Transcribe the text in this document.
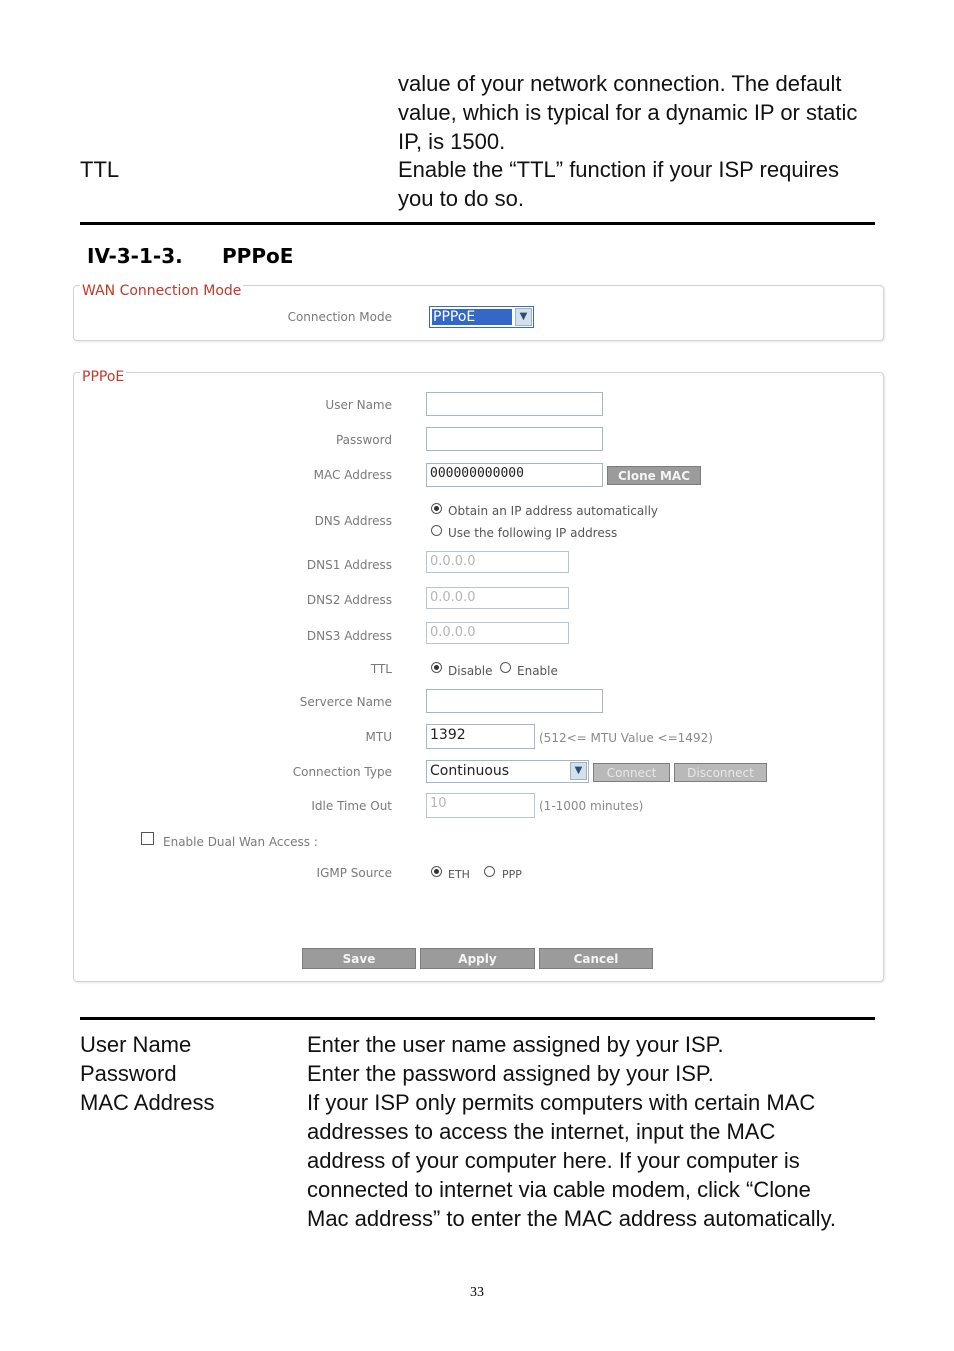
value of your network connection. The default
value, which is typical for a dynamic IP or static
IP, is 1500.
TTL	Enable the “TTL” function if your ISP requires
you to do so.
IV-3-1-3. PPPoE
WAN Connection Mode
Connection Mode	PPPoE	▼
PPPoE
User Name
Password
MAC Address	000000000000	Clone MAC
DNS Address
Obtain an IP address automatically
Use the following IP address
DNS1 Address	0.0.0.0
DNS2 Address	0.0.0.0
DNS3 Address	0.0.0.0
TTL	Disable Enable
Serverce Name
MTU	1392	(512<= MTU Value <=1492)
Connection Type	Continuous	▼	Connect	Disconnect
Idle Time Out	10	(1-1000 minutes)
Enable Dual Wan Access :
IGMP Source	ETH	PPP
Save	Apply	Cancel
User Name	Enter the user name assigned by your ISP.
Password	Enter the password assigned by your ISP.
MAC Address	If your ISP only permits computers with certain MAC
addresses to access the internet, input the MAC
address of your computer here. If your computer is
connected to internet via cable modem, click “Clone
Mac address” to enter the MAC address automatically.
33
